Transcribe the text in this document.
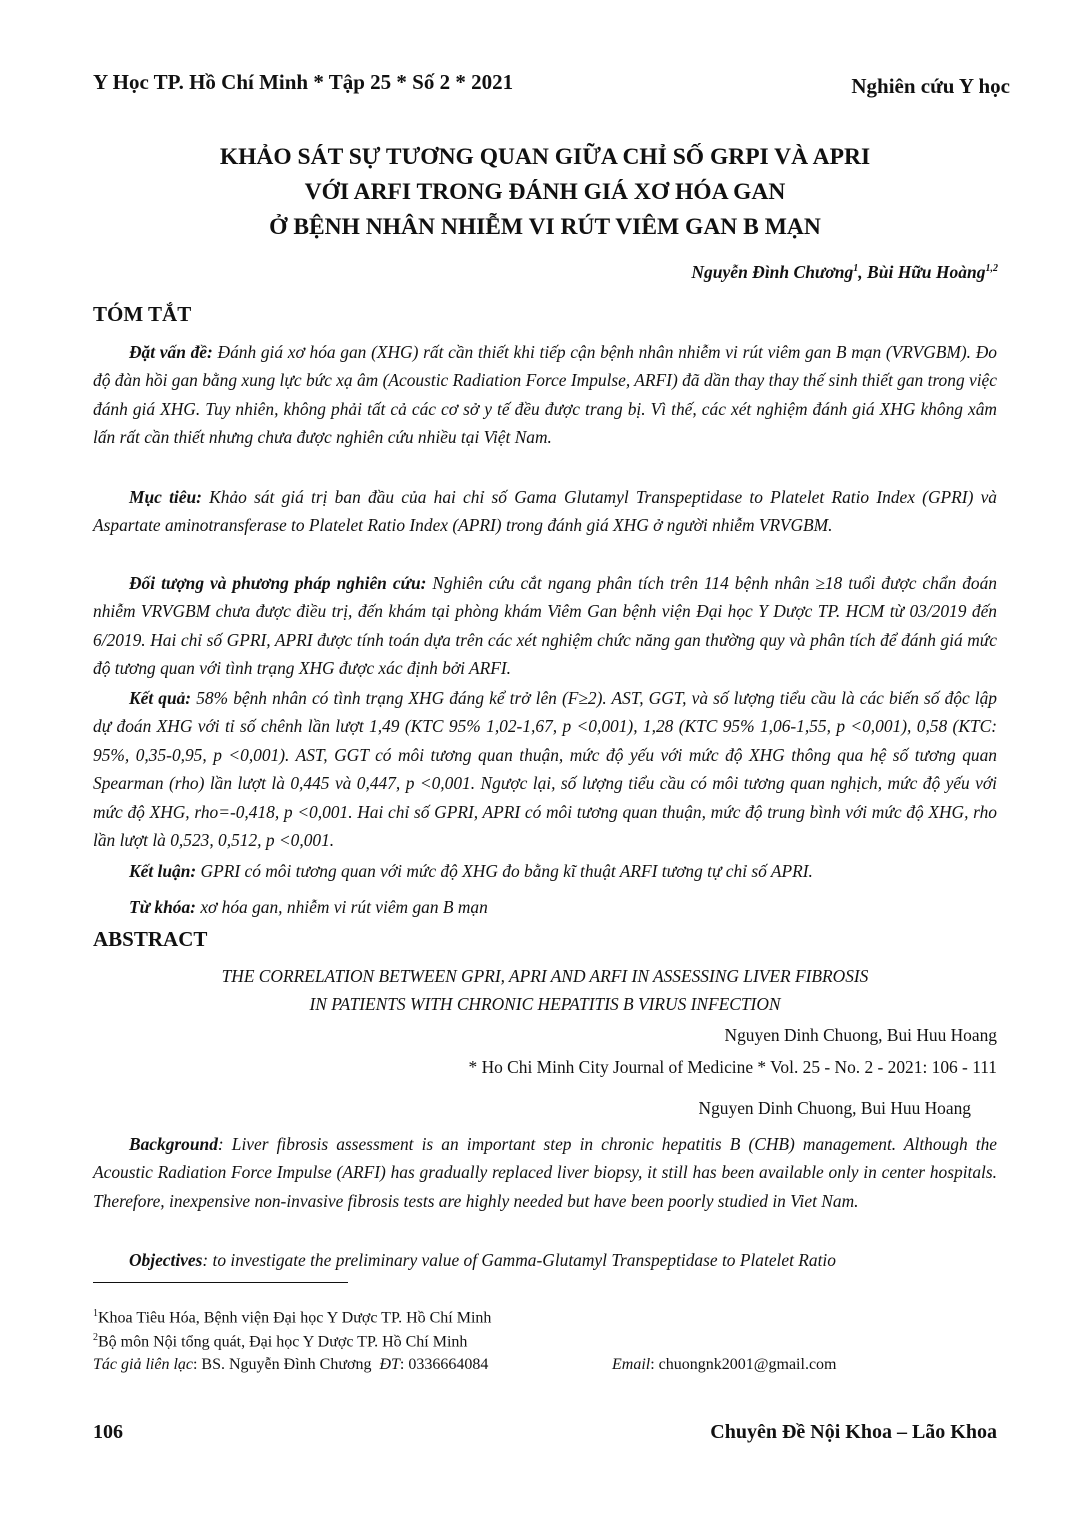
Y Học TP. Hồ Chí Minh * Tập 25 * Số 2 * 2021	Nghiên cứu Y học
KHẢO SÁT SỰ TƯƠNG QUAN GIỮA CHỈ SỐ GRPI VÀ APRI
VỚI ARFI TRONG ĐÁNH GIÁ XƠ HÓA GAN
Ở BỆNH NHÂN NHIỄM VI RÚT VIÊM GAN B MẠN
Nguyễn Đình Chương$^1$, Bùi Hữu Hoàng$^{1,2}$
TÓM TẮT
Đặt vấn đề: Đánh giá xơ hóa gan (XHG) rất cần thiết khi tiếp cận bệnh nhân nhiễm vi rút viêm gan B mạn (VRVGBM). Đo độ đàn hồi gan bằng xung lực bức xạ âm (Acoustic Radiation Force Impulse, ARFI) đã dần thay thay thế sinh thiết gan trong việc đánh giá XHG. Tuy nhiên, không phải tất cả các cơ sở y tế đều được trang bị. Vì thế, các xét nghiệm đánh giá XHG không xâm lấn rất cần thiết nhưng chưa được nghiên cứu nhiều tại Việt Nam.
Mục tiêu: Khảo sát giá trị ban đầu của hai chỉ số Gama Glutamyl Transpeptidase to Platelet Ratio Index (GPRI) và Aspartate aminotransferase to Platelet Ratio Index (APRI) trong đánh giá XHG ở người nhiễm VRVGBM.
Đối tượng và phương pháp nghiên cứu: Nghiên cứu cắt ngang phân tích trên 114 bệnh nhân ≥18 tuổi được chẩn đoán nhiễm VRVGBM chưa được điều trị, đến khám tại phòng khám Viêm Gan bệnh viện Đại học Y Dược TP. HCM từ 03/2019 đến 6/2019. Hai chỉ số GPRI, APRI được tính toán dựa trên các xét nghiệm chức năng gan thường quy và phân tích để đánh giá mức độ tương quan với tình trạng XHG được xác định bởi ARFI.
Kết quả: 58% bệnh nhân có tình trạng XHG đáng kể trở lên (F≥2). AST, GGT, và số lượng tiểu cầu là các biến số độc lập dự đoán XHG với tỉ số chênh lần lượt 1,49 (KTC 95% 1,02-1,67, p <0,001), 1,28 (KTC 95% 1,06-1,55, p <0,001), 0,58 (KTC: 95%, 0,35-0,95, p <0,001). AST, GGT có môi tương quan thuận, mức độ yếu với mức độ XHG thông qua hệ số tương quan Spearman (rho) lần lượt là 0,445 và 0,447, p <0,001. Ngược lại, số lượng tiểu cầu có môi tương quan nghịch, mức độ yếu với mức độ XHG, rho=-0,418, p <0,001. Hai chỉ số GPRI, APRI có môi tương quan thuận, mức độ trung bình với mức độ XHG, rho lần lượt là 0,523, 0,512, p <0,001.
Kết luận: GPRI có môi tương quan với mức độ XHG đo bằng kĩ thuật ARFI tương tự chỉ số APRI.
Từ khóa: xơ hóa gan, nhiễm vi rút viêm gan B mạn
ABSTRACT
THE CORRELATION BETWEEN GPRI, APRI AND ARFI IN ASSESSING LIVER FIBROSIS
IN PATIENTS WITH CHRONIC HEPATITIS B VIRUS INFECTION
Nguyen Dinh Chuong, Bui Huu Hoang
* Ho Chi Minh City Journal of Medicine * Vol. 25 - No. 2 - 2021: 106 - 111
Nguyen Dinh Chuong, Bui Huu Hoang
Background: Liver fibrosis assessment is an important step in chronic hepatitis B (CHB) management. Although the Acoustic Radiation Force Impulse (ARFI) has gradually replaced liver biopsy, it still has been available only in center hospitals. Therefore, inexpensive non-invasive fibrosis tests are highly needed but have been poorly studied in Viet Nam.
Objectives: to investigate the preliminary value of Gamma-Glutamyl Transpeptidase to Platelet Ratio
$^1$Khoa Tiêu Hóa, Bệnh viện Đại học Y Dược TP. Hồ Chí Minh
$^2$Bộ môn Nội tổng quát, Đại học Y Dược TP. Hồ Chí Minh
Tác giả liên lạc: BS. Nguyễn Đình Chương ĐT: 0336664084	Email: chuongnk2001@gmail.com
106	Chuyên Đề Nội Khoa – Lão Khoa
